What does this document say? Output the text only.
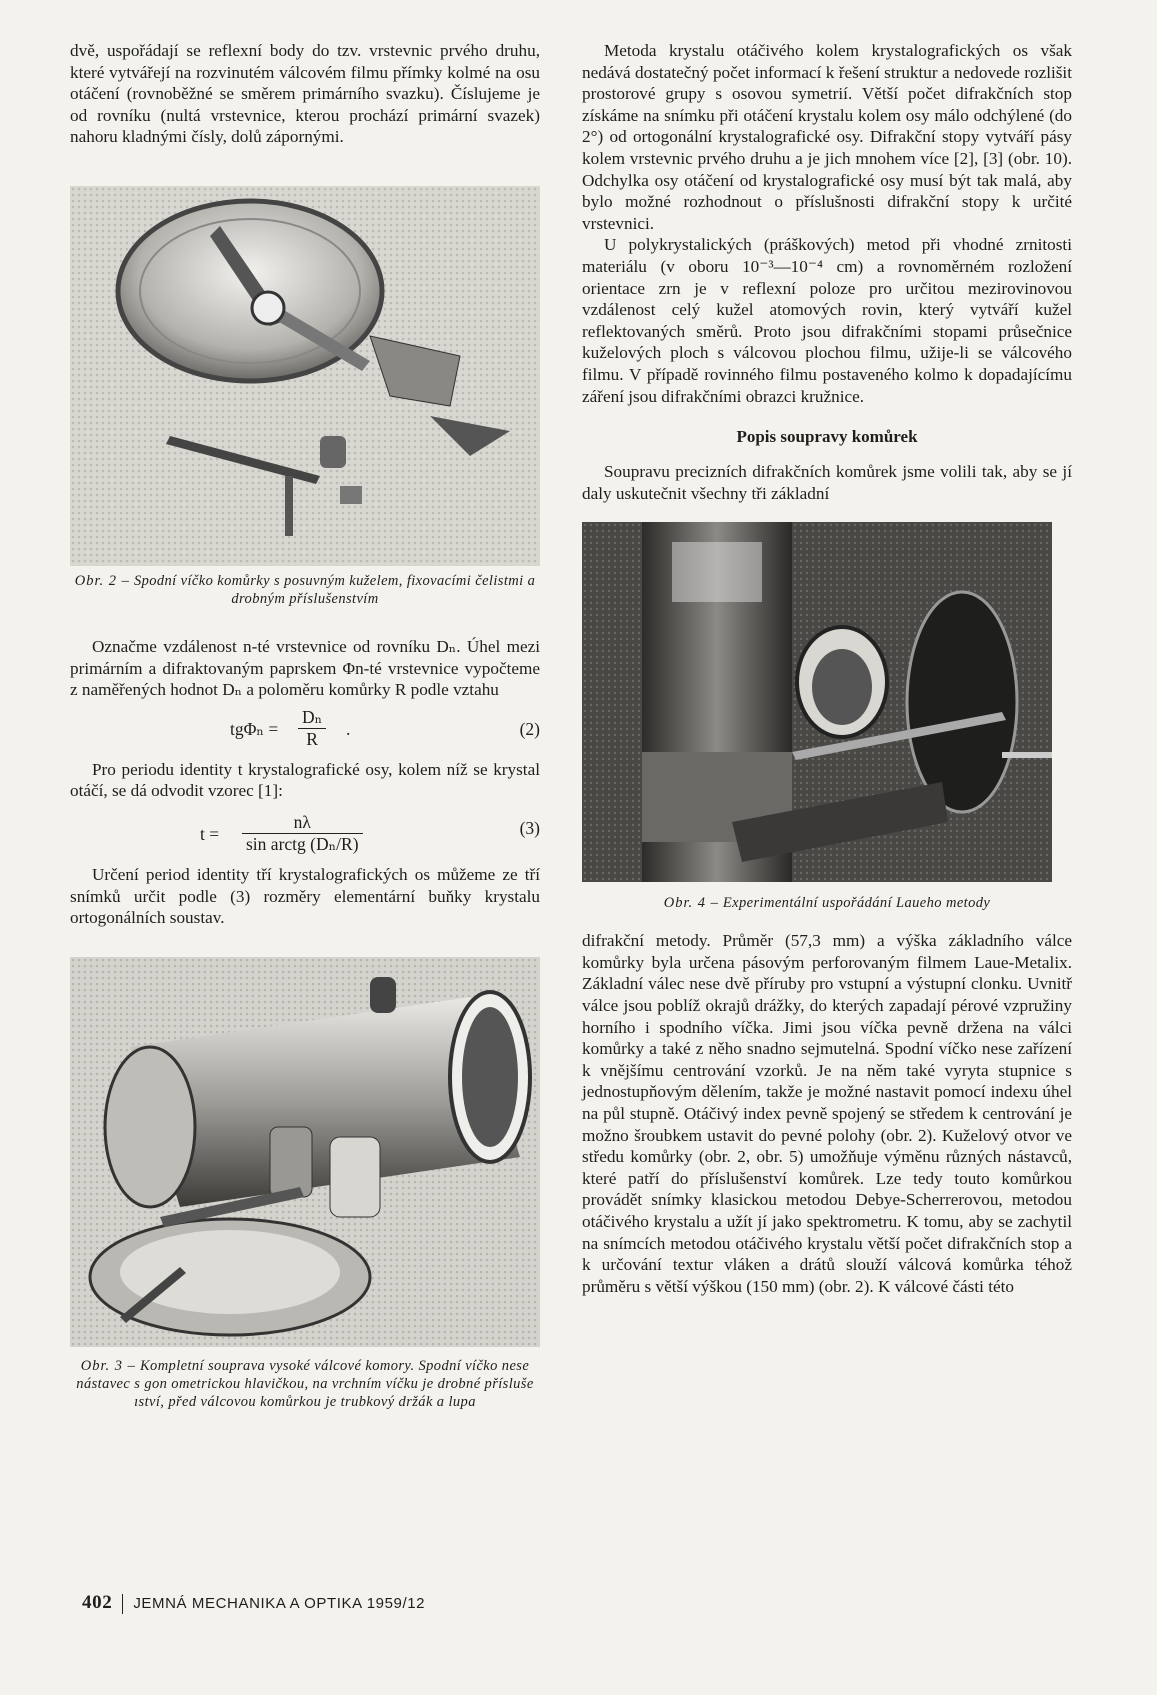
dvě, uspořádají se reflexní body do tzv. vrstevnic prvého druhu, které vytvářejí na rozvinutém válcovém filmu přímky kolmé na osu otáčení (rovnoběžné se směrem primárního svazku). Číslujeme je od rovníku (nultá vrstevnice, kterou prochází primární svazek) nahoru kladnými čísly, dolů zápornými.

Obr. 2 – Spodní víčko komůrky s posuvným kuželem, fixovacími čelistmi a drobným příslušenstvím

Označme vzdálenost n-té vrstevnice od rovníku Dₙ. Úhel mezi primárním a difraktovaným paprskem Φn-té vrstevnice vypočteme z naměřených hodnot Dₙ a poloměru komůrky R podle vztahu

$tg\Phi_n = \frac{\text{Dₙ}}{R}$ .	(2)

Pro periodu identity t krystalografické osy, kolem níž se krystal otáčí, se dá odvodit vzorec [1]:

t =
nλ
sin arctg (Dₙ/R)
(3)

Určení period identity tří krystalografických os můžeme ze tří snímků určit podle (3) rozměry elementární buňky krystalu ortogonálních soustav.

Obr. 3 – Kompletní souprava vysoké válcové komory. Spodní víčko nese nástavec s gon ometrickou hlavičkou, na vrchním víčku je drobné přísluše ıství, před válcovou komůrkou je trubkový držák a lupa

Metoda krystalu otáčivého kolem krystalografických os však nedává dostatečný počet informací k řešení struktur a nedovede rozlišit prostorové grupy s osovou symetrií. Větší počet difrakčních stop získáme na snímku při otáčení krystalu kolem osy málo odchýlené (do 2°) od ortogonální krystalografické osy. Difrakční stopy vytváří pásy kolem vrstevnic prvého druhu a je jich mnohem více [2], [3] (obr. 10). Odchylka osy otáčení od krystalografické osy musí být tak malá, aby bylo možné rozhodnout o příslušnosti difrakční stopy k určité vrstevnici.

U polykrystalických (práškových) metod při vhodné zrnitosti materiálu (v oboru 10⁻³—10⁻⁴ cm) a rovnoměrném rozložení orientace zrn je v reflexní poloze pro určitou mezirovinovou vzdálenost celý kužel atomových rovin, který vytváří kužel reflektovaných směrů. Proto jsou difrakčními stopami průsečnice kuželových ploch s válcovou plochou filmu, užije-li se válcového filmu. V případě rovinného filmu postaveného kolmo k dopadajícímu záření jsou difrakčními obrazci kružnice.

Popis soupravy komůrek

Soupravu precizních difrakčních komůrek jsme volili tak, aby se jí daly uskutečnit všechny tři základní

Obr. 4 – Experimentální uspořádání Laueho metody

difrakční metody. Průměr (57,3 mm) a výška základního válce komůrky byla určena pásovým perforovaným filmem Laue-Metalix. Základní válec nese dvě příruby pro vstupní a výstupní clonku. Uvnitř válce jsou poblíž okrajů drážky, do kterých zapadají pérové vzpružiny horního i spodního víčka. Jimi jsou víčka pevně držena na válci komůrky a také z něho snadno sejmutelná. Spodní víčko nese zařízení k vnějšímu centrování vzorků. Je na něm také vyryta stupnice s jednostupňovým dělením, takže je možné nastavit pomocí indexu úhel na půl stupně. Otáčivý index pevně spojený se středem k centrování je možno šroubkem ustavit do pevné polohy (obr. 2). Kuželový otvor ve středu komůrky (obr. 2, obr. 5) umožňuje výměnu různých nástavců, které patří do příslušenství komůrek. Lze tedy touto komůrkou provádět snímky klasickou metodou Debye-Scherrerovou, metodou otáčivého krystalu a užít jí jako spektrometru. K tomu, aby se zachytil na snímcích metodou otáčivého krystalu větší počet difrakčních stop a k určování textur vláken a drátů slouží válcová komůrka téhož průměru s větší výškou (150 mm) (obr. 2). K válcové části této

402 JEMNÁ MECHANIKA A OPTIKA 1959/12
